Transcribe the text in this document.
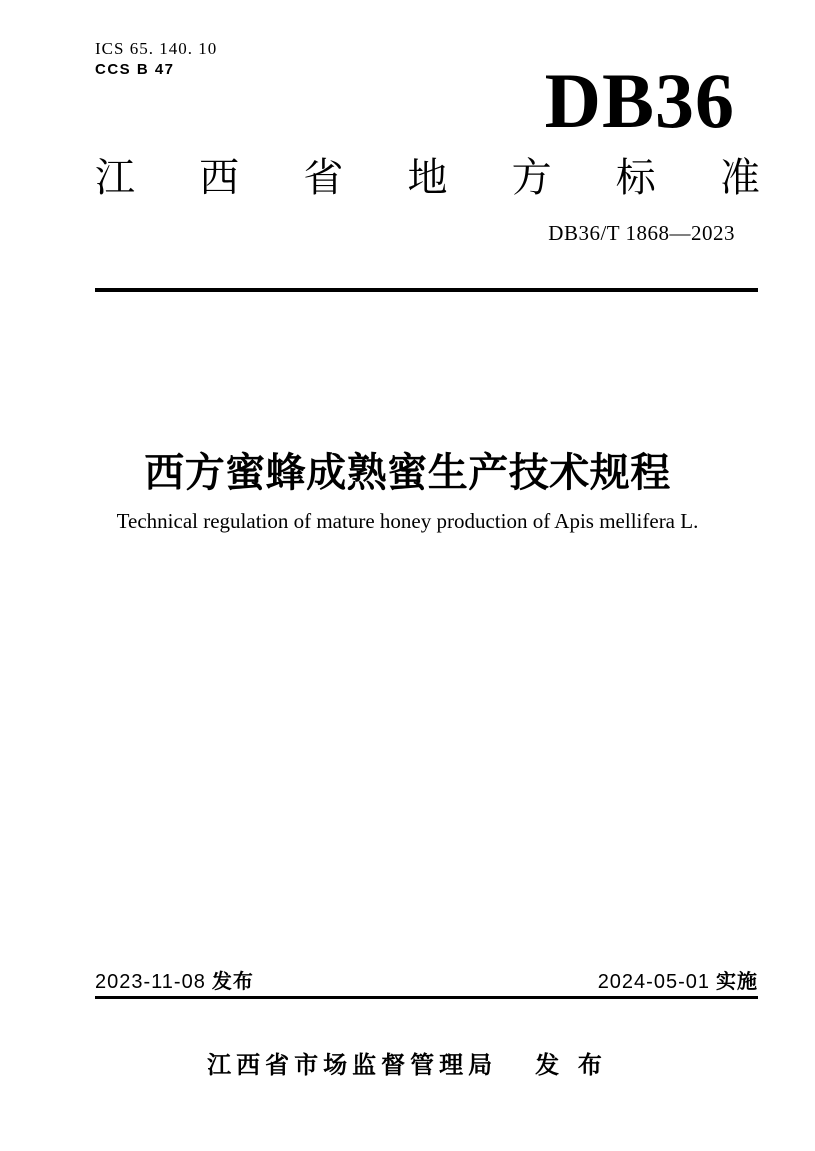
ICS 65. 140. 10
CCS B 47	DB36
江 西 省 地 方 标 准
DB36/T 1868—2023
西方蜜蜂成熟蜜生产技术规程
Technical regulation of mature honey production of Apis mellifera L.
2023-11-08 发布	2024-05-01 实施
江西省市场监督管理局 发 布
